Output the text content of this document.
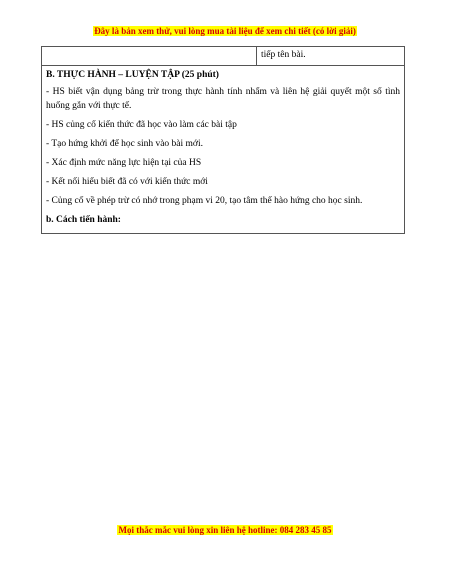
Đây là bản xem thử, vui lòng mua tài liệu để xem chi tiết (có lời giải)

tiếp tên bài.

B. THỰC HÀNH – LUYỆN TẬP (25 phút)

- HS biết vận dụng bảng trừ trong thực hành tính nhẩm và liên hệ giải quyết một số tình huống gắn với thực tế.

- HS củng cố kiến thức đã học vào làm các bài tập

- Tạo hứng khởi để học sinh vào bài mới.

- Xác định mức năng lực hiện tại của HS

- Kết nối hiểu biết đã có với kiến thức mới

- Củng cố về phép trừ có nhớ trong phạm vi 20, tạo tâm thế hào hứng cho học sinh.

b. Cách tiến hành:

Mọi thắc mắc vui lòng xin liên hệ hotline: 084 283 45 85
